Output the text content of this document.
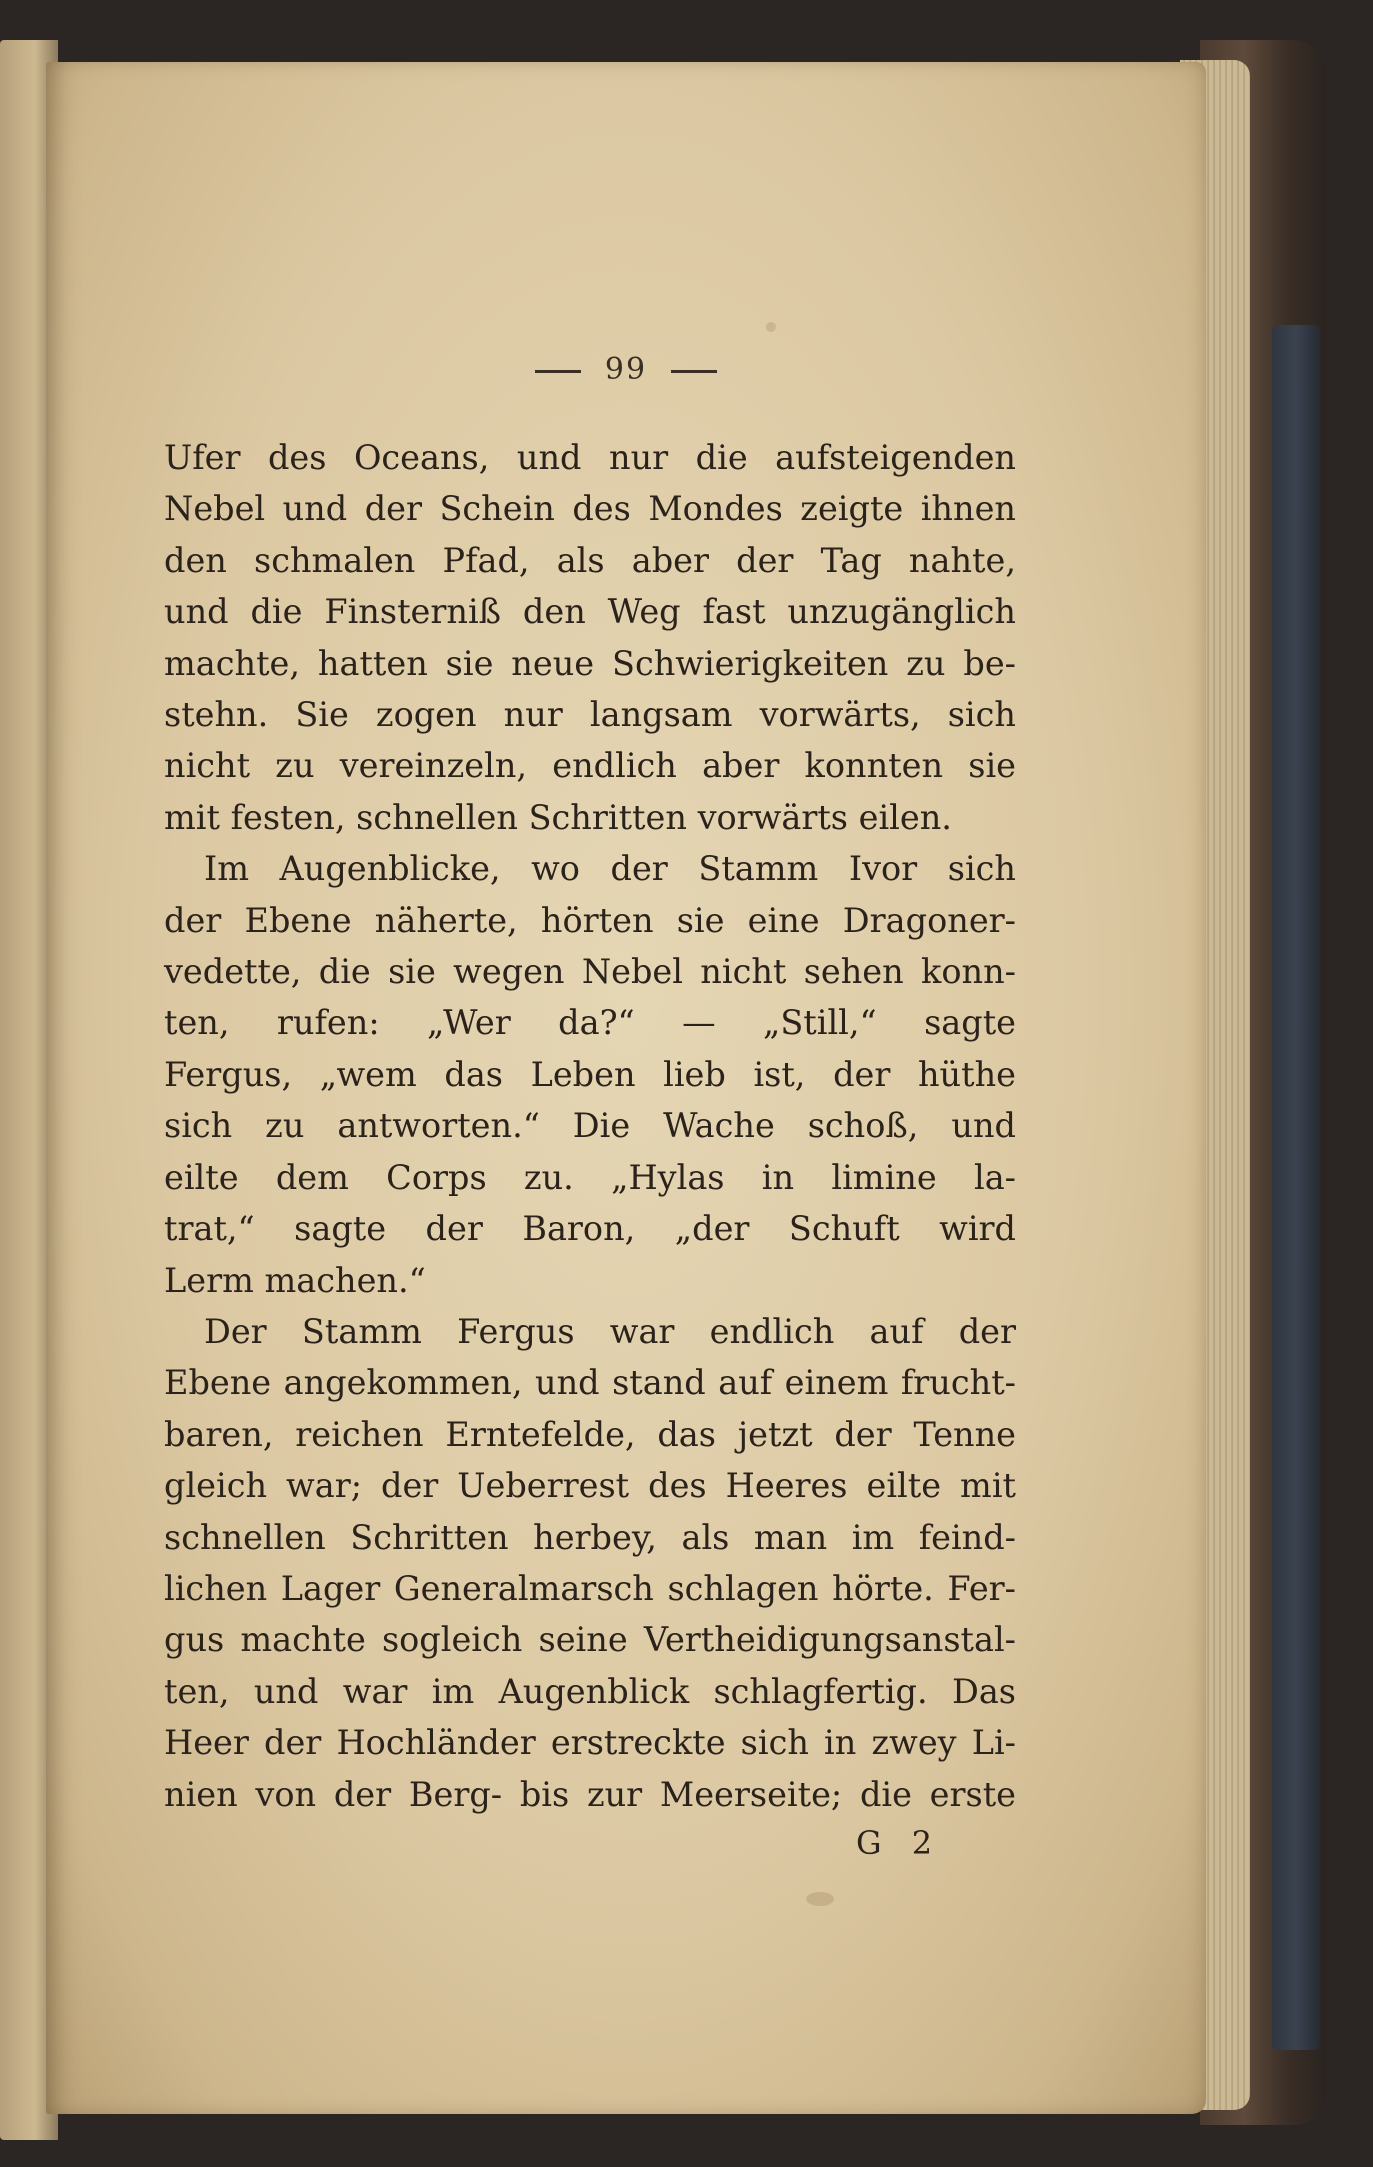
99
Ufer des Oceans, und nur die aufsteigenden
Nebel und der Schein des Mondes zeigte ihnen
den schmalen Pfad, als aber der Tag nahte,
und die Finsterniß den Weg fast unzugänglich
machte, hatten sie neue Schwierigkeiten zu be-
stehn. Sie zogen nur langsam vorwärts, sich
nicht zu vereinzeln, endlich aber konnten sie
mit festen, schnellen Schritten vorwärts eilen.
Im Augenblicke, wo der Stamm Ivor sich
der Ebene näherte, hörten sie eine Dragoner-
vedette, die sie wegen Nebel nicht sehen konn-
ten, rufen: „Wer da?“ — „Still,“ sagte
Fergus, „wem das Leben lieb ist, der hüthe
sich zu antworten.“ Die Wache schoß, und
eilte dem Corps zu. „Hylas in limine la-
trat,“ sagte der Baron, „der Schuft wird
Lerm machen.“
Der Stamm Fergus war endlich auf der
Ebene angekommen, und stand auf einem frucht-
baren, reichen Erntefelde, das jetzt der Tenne
gleich war; der Ueberrest des Heeres eilte mit
schnellen Schritten herbey, als man im feind-
lichen Lager Generalmarsch schlagen hörte. Fer-
gus machte sogleich seine Vertheidigungsanstal-
ten, und war im Augenblick schlagfertig. Das
Heer der Hochländer erstreckte sich in zwey Li-
nien von der Berg- bis zur Meerseite; die erste
G 2
